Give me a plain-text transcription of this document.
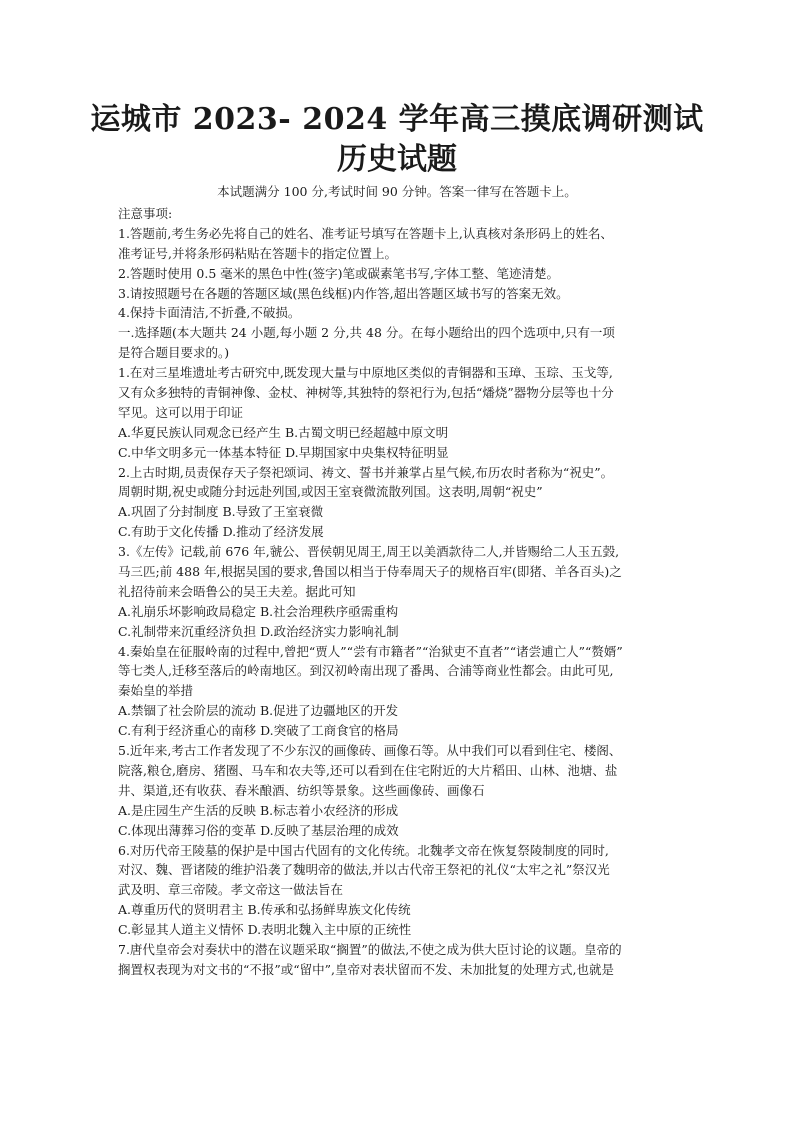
运城市 2023- 2024 学年高三摸底调研测试
历史试题
本试题满分 100 分,考试时间 90 分钟。答案一律写在答题卡上。
注意事项:
1.答题前,考生务必先将自己的姓名、准考证号填写在答题卡上,认真核对条形码上的姓名、
准考证号,并将条形码粘贴在答题卡的指定位置上。
2.答题时使用 0.5 毫米的黑色中性(签字)笔或碳素笔书写,字体工整、笔迹清楚。
3.请按照题号在各题的答题区域(黑色线框)内作答,超出答题区域书写的答案无效。
4.保持卡面清洁,不折叠,不破损。
一.选择题(本大题共 24 小题,每小题 2 分,共 48 分。在每小题给出的四个选项中,只有一项
是符合题目要求的。)
1.在对三星堆遗址考古研究中,既发现大量与中原地区类似的青铜器和玉璋、玉琮、玉戈等,
又有众多独特的青铜神像、金杖、神树等,其独特的祭祀行为,包括“燔烧”器物分层等也十分
罕见。这可以用于印证
A.华夏民族认同观念已经产生 B.古蜀文明已经超越中原文明
C.中华文明多元一体基本特征 D.早期国家中央集权特征明显
2.上古时期,员责保存天子祭祀颂词、祷文、誓书并兼掌占星气候,布历农时者称为“祝史”。
周朝时期,祝史或随分封远赴列国,或因王室衰微流散列国。这表明,周朝“祝史”
A.巩固了分封制度 B.导致了王室衰微
C.有助于文化传播 D.推动了经济发展
3.《左传》记载,前 676 年,虢公、晋侯朝见周王,周王以美酒款待二人,并皆赐给二人玉五瑴,
马三匹;前 488 年,根据吴国的要求,鲁国以相当于侍奉周天子的规格百牢(即猪、羊各百头)之
礼招待前来会晤鲁公的吴王夫差。据此可知
A.礼崩乐坏影响政局稳定 B.社会治理秩序亟需重构
C.礼制带来沉重经济负担 D.政治经济实力影响礼制
4.秦始皇在征服岭南的过程中,曾把“贾人”“尝有市籍者”“治狱吏不直者”“诸尝逋亡人”“赘婿”
等七类人,迁移至落后的岭南地区。到汉初岭南出现了番禺、合浦等商业性都会。由此可见,
秦始皇的举措
A.禁锢了社会阶层的流动 B.促进了边疆地区的开发
C.有利于经济重心的南移 D.突破了工商食官的格局
5.近年来,考古工作者发现了不少东汉的画像砖、画像石等。从中我们可以看到住宅、楼阁、
院落,粮仓,磨房、猪圈、马车和农夫等,还可以看到在住宅附近的大片稻田、山林、池塘、盐
井、渠道,还有收获、舂米酿酒、纺织等景象。这些画像砖、画像石
A.是庄园生产生活的反映 B.标志着小农经济的形成
C.体现出薄葬习俗的变革 D.反映了基层治理的成效
6.对历代帝王陵墓的保护是中国古代固有的文化传统。北魏孝文帝在恢复祭陵制度的同时,
对汉、魏、晋诸陵的维护沿袭了魏明帝的做法,并以古代帝王祭祀的礼仪“太牢之礼”祭汉光
武及明、章三帝陵。孝文帝这一做法旨在
A.尊重历代的贤明君主 B.传承和弘扬鲜卑族文化传统
C.彰显其人道主义情怀 D.表明北魏入主中原的正统性
7.唐代皇帝会对奏状中的潜在议题采取“搁置”的做法,不使之成为供大臣讨论的议题。皇帝的
搁置权表现为对文书的“不报”或“留中”,皇帝对表状留而不发、未加批复的处理方式,也就是
